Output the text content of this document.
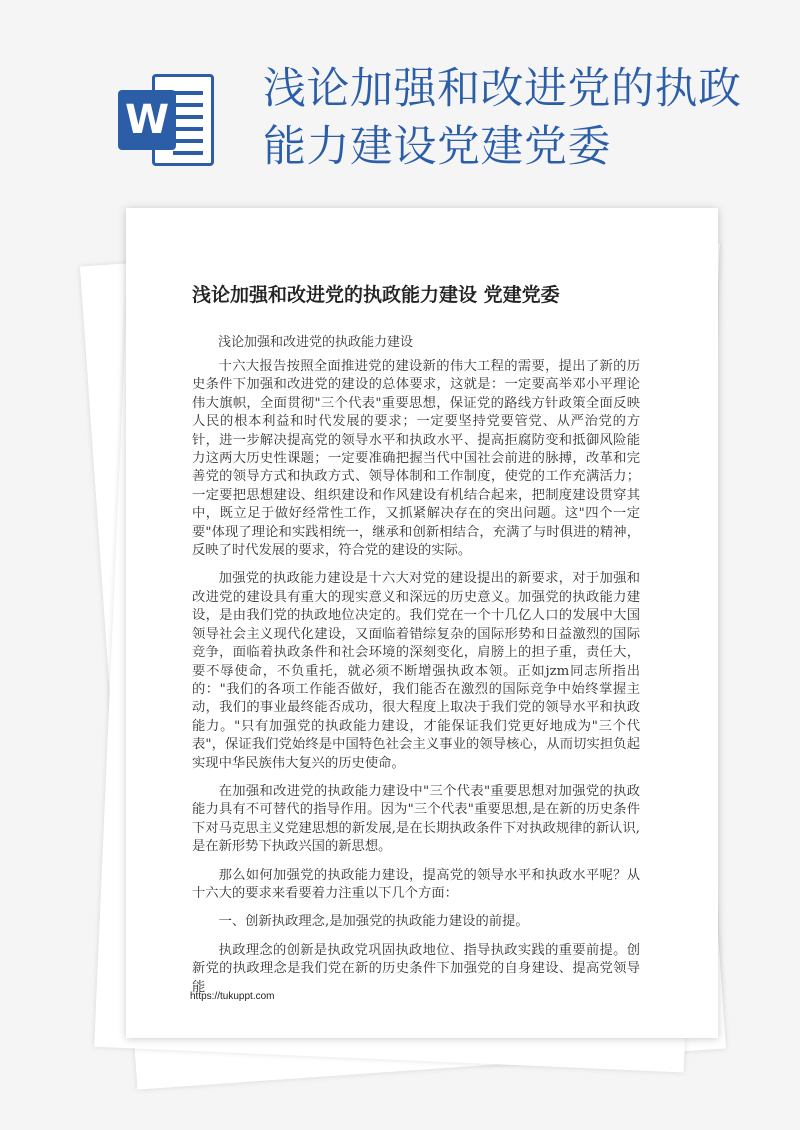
W
浅论加强和改进党的执政能力建设党建党委
浅论加强和改进党的执政能力建设 党建党委
浅论加强和改进党的执政能力建设

十六大报告按照全面推进党的建设新的伟大工程的需要，提出了新的历史条件下加强和改进党的建设的总体要求，这就是：一定要高举邓小平理论伟大旗帜，全面贯彻"三个代表"重要思想，保证党的路线方针政策全面反映人民的根本利益和时代发展的要求；一定要坚持党要管党、从严治党的方针，进一步解决提高党的领导水平和执政水平、提高拒腐防变和抵御风险能力这两大历史性课题；一定要准确把握当代中国社会前进的脉搏，改革和完善党的领导方式和执政方式、领导体制和工作制度，使党的工作充满活力；一定要把思想建设、组织建设和作风建设有机结合起来，把制度建设贯穿其中，既立足于做好经常性工作，又抓紧解决存在的突出问题。这"四个一定要"体现了理论和实践相统一，继承和创新相结合，充满了与时俱进的精神，反映了时代发展的要求，符合党的建设的实际。

加强党的执政能力建设是十六大对党的建设提出的新要求，对于加强和改进党的建设具有重大的现实意义和深远的历史意义。加强党的执政能力建设，是由我们党的执政地位决定的。我们党在一个十几亿人口的发展中大国领导社会主义现代化建设，又面临着错综复杂的国际形势和日益激烈的国际竞争，面临着执政条件和社会环境的深刻变化，肩膀上的担子重，责任大，要不辱使命，不负重托，就必须不断增强执政本领。正如jzm同志所指出的："我们的各项工作能否做好，我们能否在激烈的国际竞争中始终掌握主动，我们的事业最终能否成功，很大程度上取决于我们党的领导水平和执政能力。"只有加强党的执政能力建设，才能保证我们党更好地成为"三个代表"，保证我们党始终是中国特色社会主义事业的领导核心，从而切实担负起实现中华民族伟大复兴的历史使命。

在加强和改进党的执政能力建设中"三个代表"重要思想对加强党的执政能力具有不可替代的指导作用。因为"三个代表"重要思想,是在新的历史条件下对马克思主义党建思想的新发展,是在长期执政条件下对执政规律的新认识,是在新形势下执政兴国的新思想。

那么如何加强党的执政能力建设，提高党的领导水平和执政水平呢？从十六大的要求来看要着力注重以下几个方面：

一、创新执政理念,是加强党的执政能力建设的前提。

执政理念的创新是执政党巩固执政地位、指导执政实践的重要前提。创新党的执政理念是我们党在新的历史条件下加强党的自身建设、提高党领导能

https://tukuppt.com
